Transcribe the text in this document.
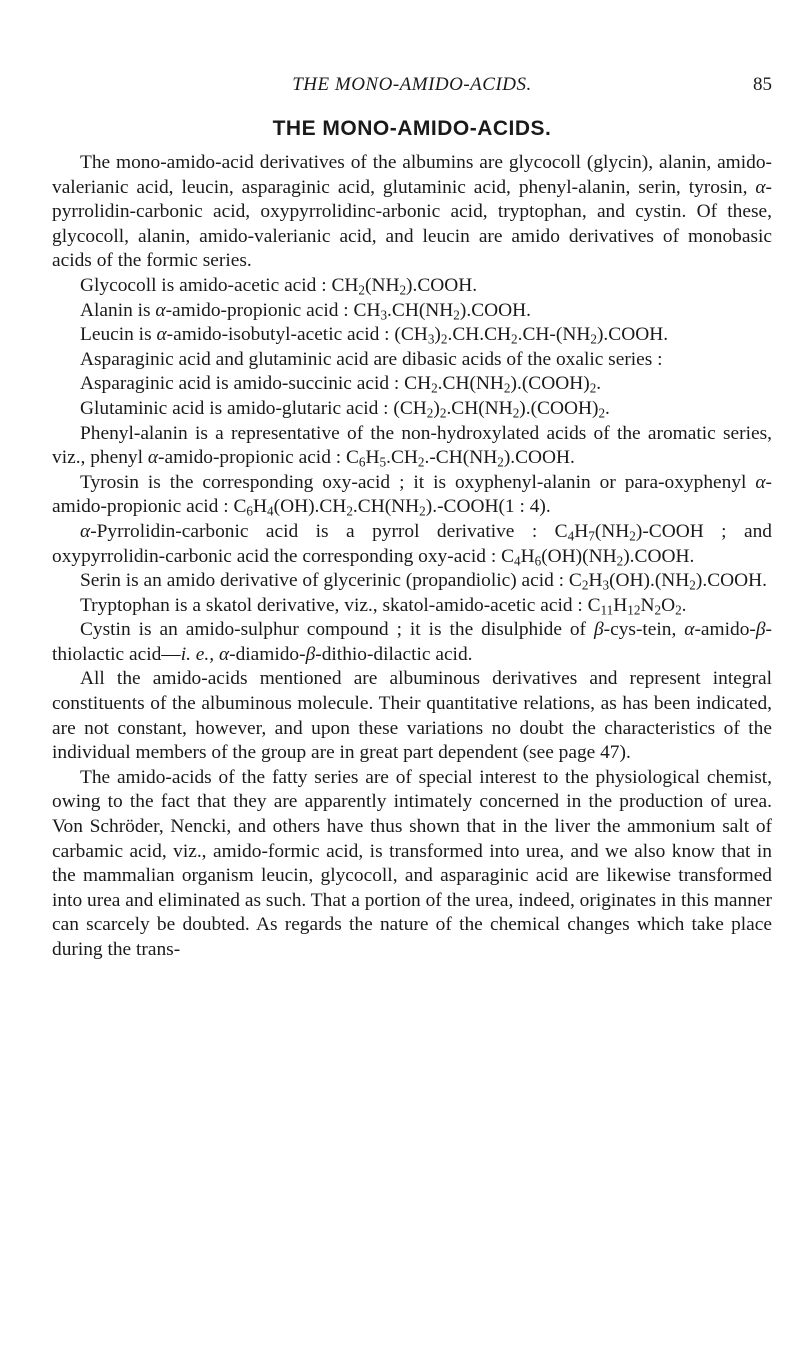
THE MONO-AMIDO-ACIDS.	85
THE MONO-AMIDO-ACIDS.

The mono-amido-acid derivatives of the albumins are glycocoll (glycin), alanin, amido-valerianic acid, leucin, asparaginic acid, glutaminic acid, phenyl-alanin, serin, tyrosin, α-pyrrolidin-carbonic acid, oxypyrrolidinc-arbonic acid, tryptophan, and cystin. Of these, glycocoll, alanin, amido-valerianic acid, and leucin are amido derivatives of monobasic acids of the formic series.

Glycocoll is amido-acetic acid : $CH_2(NH_2).COOH$.

Alanin is α-amido-propionic acid : $CH_3.CH(NH_2).COOH$.

Leucin is α-amido-isobutyl-acetic acid : $(CH_3)_2.CH.CH_2.CH-(NH_2).COOH$.

Asparaginic acid and glutaminic acid are dibasic acids of the oxalic series :

Asparaginic acid is amido-succinic acid : $CH_2.CH(NH_2).(COOH)_2$.

Glutaminic acid is amido-glutaric acid : $(CH_2)_2.CH(NH_2).(COOH)_2$.

Phenyl-alanin is a representative of the non-hydroxylated acids of the aromatic series, viz., phenyl α-amido-propionic acid : $C_6H_5.CH_2.-CH(NH_2).COOH$.

Tyrosin is the corresponding oxy-acid ; it is oxyphenyl-alanin or para-oxyphenyl α-amido-propionic acid : $C_6H_4(OH).CH_2.CH(NH_2).-COOH(1$ : 4).

α-Pyrrolidin-carbonic acid is a pyrrol derivative : $C_4H_7(NH_2)$-COOH ; and oxypyrrolidin-carbonic acid the corresponding oxy-acid : $C_4H_6(OH)(NH_2).COOH$.

Serin is an amido derivative of glycerinic (propandiolic) acid : $C_2H_3(OH).(NH_2).COOH$.

Tryptophan is a skatol derivative, viz., skatol-amido-acetic acid : $C_{11}H_{12}N_2O_2$.

Cystin is an amido-sulphur compound ; it is the disulphide of β-cys-tein, α-amido-β-thiolactic acid—i. e., α-diamido-β-dithio-dilactic acid.

All the amido-acids mentioned are albuminous derivatives and represent integral constituents of the albuminous molecule. Their quantitative relations, as has been indicated, are not constant, however, and upon these variations no doubt the characteristics of the individual members of the group are in great part dependent (see page 47).

The amido-acids of the fatty series are of special interest to the physiological chemist, owing to the fact that they are apparently intimately concerned in the production of urea. Von Schröder, Nencki, and others have thus shown that in the liver the ammonium salt of carbamic acid, viz., amido-formic acid, is transformed into urea, and we also know that in the mammalian organism leucin, glycocoll, and asparaginic acid are likewise transformed into urea and eliminated as such. That a portion of the urea, indeed, originates in this manner can scarcely be doubted. As regards the nature of the chemical changes which take place during the trans-
